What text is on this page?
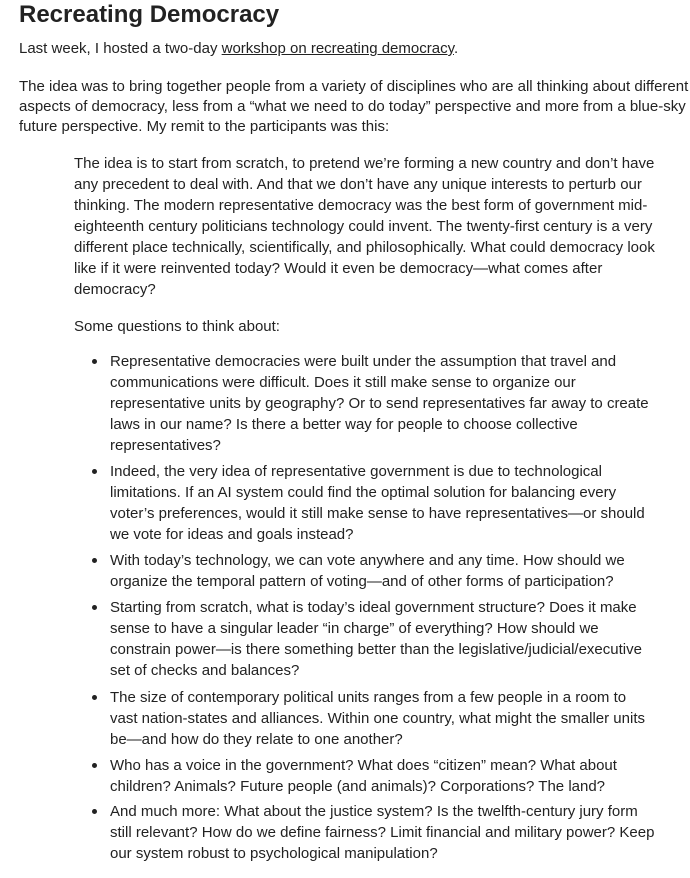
Recreating Democracy

Last week, I hosted a two-day workshop on recreating democracy.

The idea was to bring together people from a variety of disciplines who are all thinking about different
aspects of democracy, less from a “what we need to do today” perspective and more from a blue-sky
future perspective. My remit to the participants was this:

The idea is to start from scratch, to pretend we’re forming a new country and don’t have
any precedent to deal with. And that we don’t have any unique interests to perturb our
thinking. The modern representative democracy was the best form of government mid-
eighteenth century politicians technology could invent. The twenty-first century is a very
different place technically, scientifically, and philosophically. What could democracy look
like if it were reinvented today? Would it even be democracy—what comes after
democracy?
Some questions to think about:
Representative democracies were built under the assumption that travel and
communications were difficult. Does it still make sense to organize our
representative units by geography? Or to send representatives far away to create
laws in our name? Is there a better way for people to choose collective
representatives?
Indeed, the very idea of representative government is due to technological
limitations. If an AI system could find the optimal solution for balancing every
voter’s preferences, would it still make sense to have representatives—or should
we vote for ideas and goals instead?
With today’s technology, we can vote anywhere and any time. How should we
organize the temporal pattern of voting—and of other forms of participation?
Starting from scratch, what is today’s ideal government structure? Does it make
sense to have a singular leader “in charge” of everything? How should we
constrain power—is there something better than the legislative/judicial/executive
set of checks and balances?
The size of contemporary political units ranges from a few people in a room to
vast nation-states and alliances. Within one country, what might the smaller units
be—and how do they relate to one another?
Who has a voice in the government? What does “citizen” mean? What about
children? Animals? Future people (and animals)? Corporations? The land?
And much more: What about the justice system? Is the twelfth-century jury form
still relevant? How do we define fairness? Limit financial and military power? Keep
our system robust to psychological manipulation?
